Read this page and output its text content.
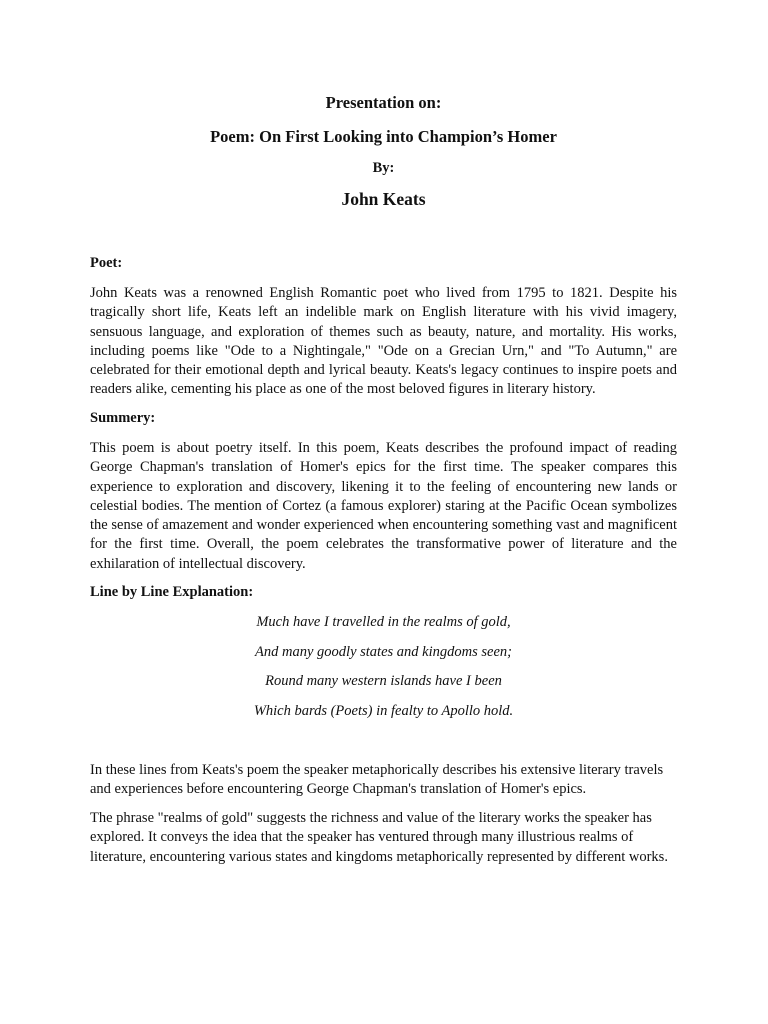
Presentation on:
Poem: On First Looking into Champion’s Homer
By:
John Keats
Poet:

John Keats was a renowned English Romantic poet who lived from 1795 to 1821. Despite his tragically short life, Keats left an indelible mark on English literature with his vivid imagery, sensuous language, and exploration of themes such as beauty, nature, and mortality. His works, including poems like "Ode to a Nightingale," "Ode on a Grecian Urn," and "To Autumn," are celebrated for their emotional depth and lyrical beauty. Keats's legacy continues to inspire poets and readers alike, cementing his place as one of the most beloved figures in literary history.

Summery:

This poem is about poetry itself. In this poem, Keats describes the profound impact of reading George Chapman's translation of Homer's epics for the first time. The speaker compares this experience to exploration and discovery, likening it to the feeling of encountering new lands or celestial bodies. The mention of Cortez (a famous explorer) staring at the Pacific Ocean symbolizes the sense of amazement and wonder experienced when encountering something vast and magnificent for the first time. Overall, the poem celebrates the transformative power of literature and the exhilaration of intellectual discovery.

Line by Line Explanation:
Much have I travelled in the realms of gold,
And many goodly states and kingdoms seen;
Round many western islands have I been
Which bards (Poets) in fealty to Apollo hold.

In these lines from Keats's poem the speaker metaphorically describes his extensive literary travels and experiences before encountering George Chapman's translation of Homer's epics.

The phrase "realms of gold" suggests the richness and value of the literary works the speaker has explored. It conveys the idea that the speaker has ventured through many illustrious realms of literature, encountering various states and kingdoms metaphorically represented by different works.
